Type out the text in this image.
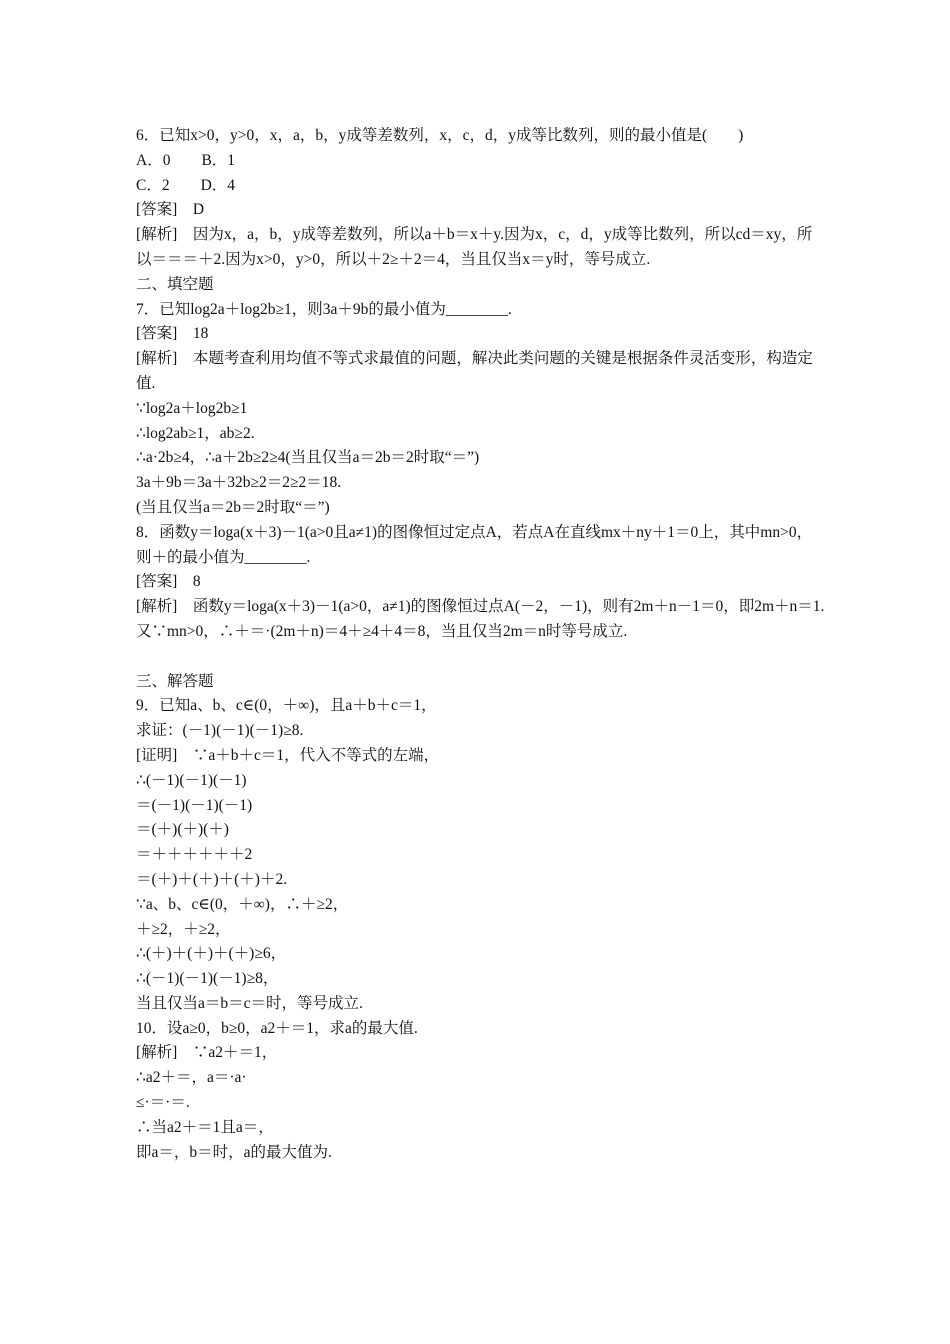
6．已知x>0，y>0，x，a，b，y成等差数列，x，c，d，y成等比数列，则的最小值是(　　)
A．0　　B．1
C．2　　D．4
[答案]　D
[解析]　因为x，a，b，y成等差数列，所以a＋b＝x＋y.因为x，c，d，y成等比数列，所以cd＝xy，所以＝＝＝＋2.因为x>0，y>0，所以＋2≥＋2＝4，当且仅当x＝y时，等号成立.
二、填空题
7．已知log2a＋log2b≥1，则3a＋9b的最小值为________.
[答案]　18
[解析]　本题考查利用均值不等式求最值的问题，解决此类问题的关键是根据条件灵活变形，构造定值.
∵log2a＋log2b≥1
∴log2ab≥1，ab≥2.
∴a·2b≥4，∴a＋2b≥2≥4(当且仅当a＝2b＝2时取“＝”)
3a＋9b＝3a＋32b≥2＝2≥2＝18.
(当且仅当a＝2b＝2时取“＝”)
8．函数y＝loga(x＋3)－1(a>0且a≠1)的图像恒过定点A，若点A在直线mx＋ny＋1＝0上，其中mn>0，则＋的最小值为________.
[答案]　8
[解析]　函数y＝loga(x＋3)－1(a>0，a≠1)的图像恒过点A(－2，－1)，则有2m＋n－1＝0，即2m＋n＝1.
又∵mn>0，∴＋＝·(2m＋n)＝4＋≥4＋4＝8，当且仅当2m＝n时等号成立.
三、解答题
9．已知a、b、c∈(0，＋∞)，且a＋b＋c＝1，
求证：(－1)(－1)(－1)≥8.
[证明]　∵a＋b＋c＝1，代入不等式的左端，
∴(－1)(－1)(－1)
＝(－1)(－1)(－1)
＝(＋)(＋)(＋)
＝＋＋＋＋＋＋2
＝(＋)＋(＋)＋(＋)＋2.
∵a、b、c∈(0，＋∞)，∴＋≥2，
＋≥2，＋≥2，
∴(＋)＋(＋)＋(＋)≥6，
∴(－1)(－1)(－1)≥8，
当且仅当a＝b＝c＝时，等号成立.
10．设a≥0，b≥0，a2＋＝1，求a的最大值.
[解析]　∵a2＋＝1，
∴a2＋＝，a＝·a·
≤·＝·＝.
∴当a2＋＝1且a＝，
即a＝，b＝时，a的最大值为.
